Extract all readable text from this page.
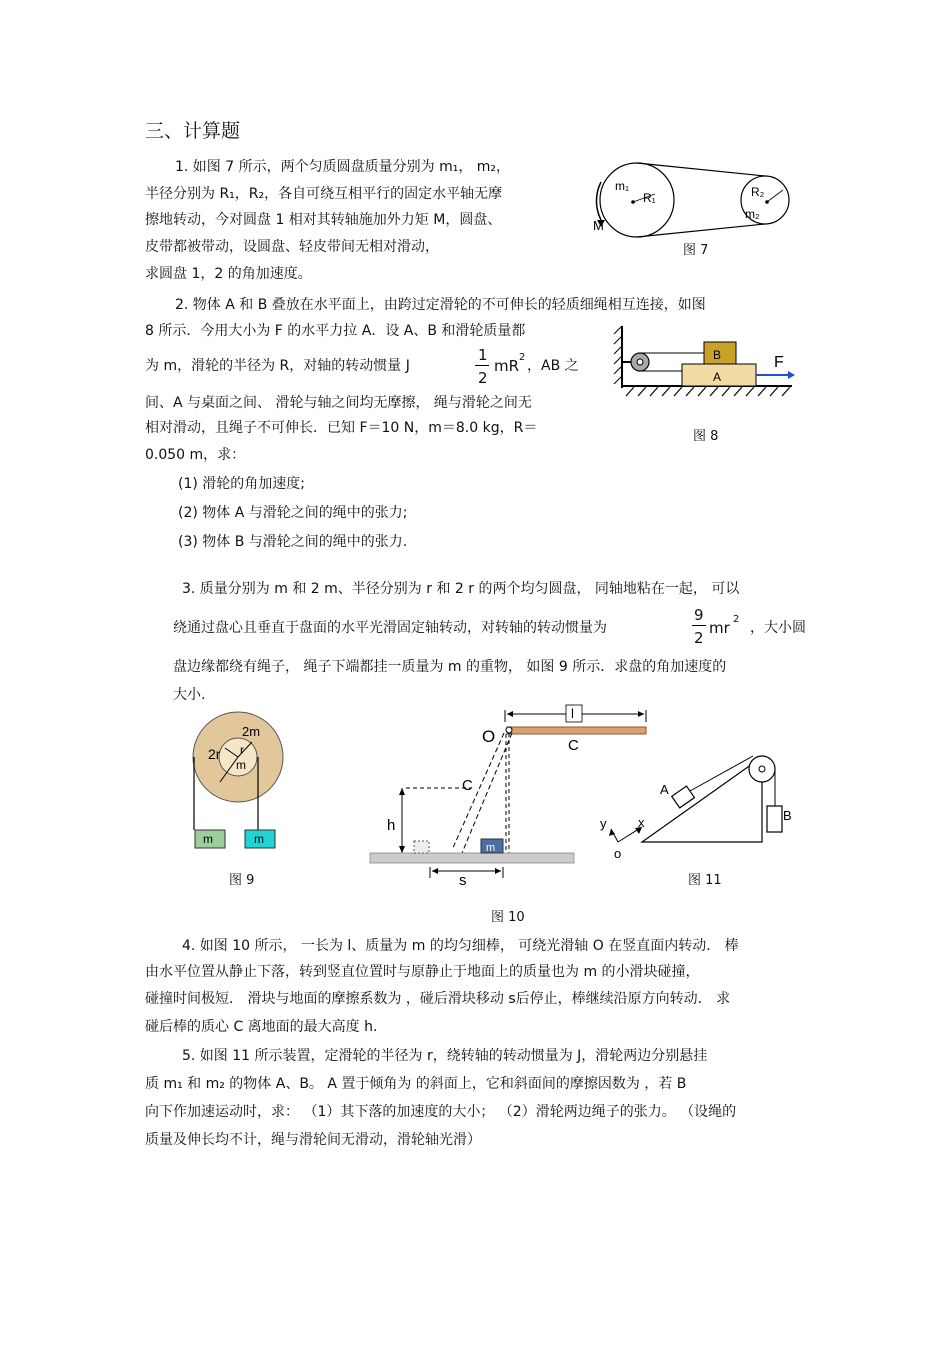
三、计算题
1. 如图 7 所示，两个匀质圆盘质量分别为 m₁， m₂，
半径分别为 R₁，R₂，各自可绕互相平行的固定水平轴无摩
擦地转动，今对圆盘 1 相对其转轴施加外力矩 M，圆盘、
皮带都被带动，设圆盘、轻皮带间无相对滑动，
求圆盘 1，2 的角加速度。
m₁
R₁	R₂
m₂
M
图 7
2. 物体 A 和 B 叠放在水平面上，由跨过定滑轮的不可伸长的轻质细绳相互连接，如图
8 所示．今用大小为 F 的水平力拉 A．设 A、B 和滑轮质量都
为 m，滑轮的半径为 R，对轴的转动惯量 J
1
2
mR 2
，AB 之
间、A 与桌面之间、 滑轮与轴之间均无摩擦， 绳与滑轮之间无
相对滑动，且绳子不可伸长．已知 F＝10 N，m＝8.0 kg，R＝
0.050 m，求：
(1) 滑轮的角加速度;
(2) 物体 A 与滑轮之间的绳中的张力;
(3) 物体 B 与滑轮之间的绳中的张力.
B
A
F
图 8
3. 质量分别为 m 和 2 m、半径分别为 r 和 2 r 的两个均匀圆盘， 同轴地粘在一起， 可以
绕通过盘心且垂直于盘面的水平光滑固定轴转动，对转轴的转动惯量为
9
2
mr 2
，大小圆
盘边缘都绕有绳子， 绳子下端都挂一质量为 m 的重物， 如图 9 所示．求盘的角加速度的
大小.
2m
2r r
m
m	m
图 9
l
O	C
C
h
m
s
图 10
A
B
x
y
o
图 11
4. 如图 10 所示， 一长为 l、质量为 m 的均匀细棒， 可绕光滑轴 O 在竖直面内转动． 棒
由水平位置从静止下落，转到竖直位置时与原静止于地面上的质量也为 m 的小滑块碰撞，
碰撞时间极短． 滑块与地面的摩擦系数为 ，碰后滑块移动 s后停止，棒继续沿原方向转动． 求
碰后棒的质心 C 离地面的最大高度 h.
5. 如图 11 所示装置，定滑轮的半径为 r，绕转轴的转动惯量为 J，滑轮两边分别悬挂
质 m₁ 和 m₂ 的物体 A、B。 A 置于倾角为 的斜面上，它和斜面间的摩擦因数为 ，若 B
向下作加速运动时，求： （1）其下落的加速度的大小； （2）滑轮两边绳子的张力。 （设绳的
质量及伸长均不计，绳与滑轮间无滑动，滑轮轴光滑）
